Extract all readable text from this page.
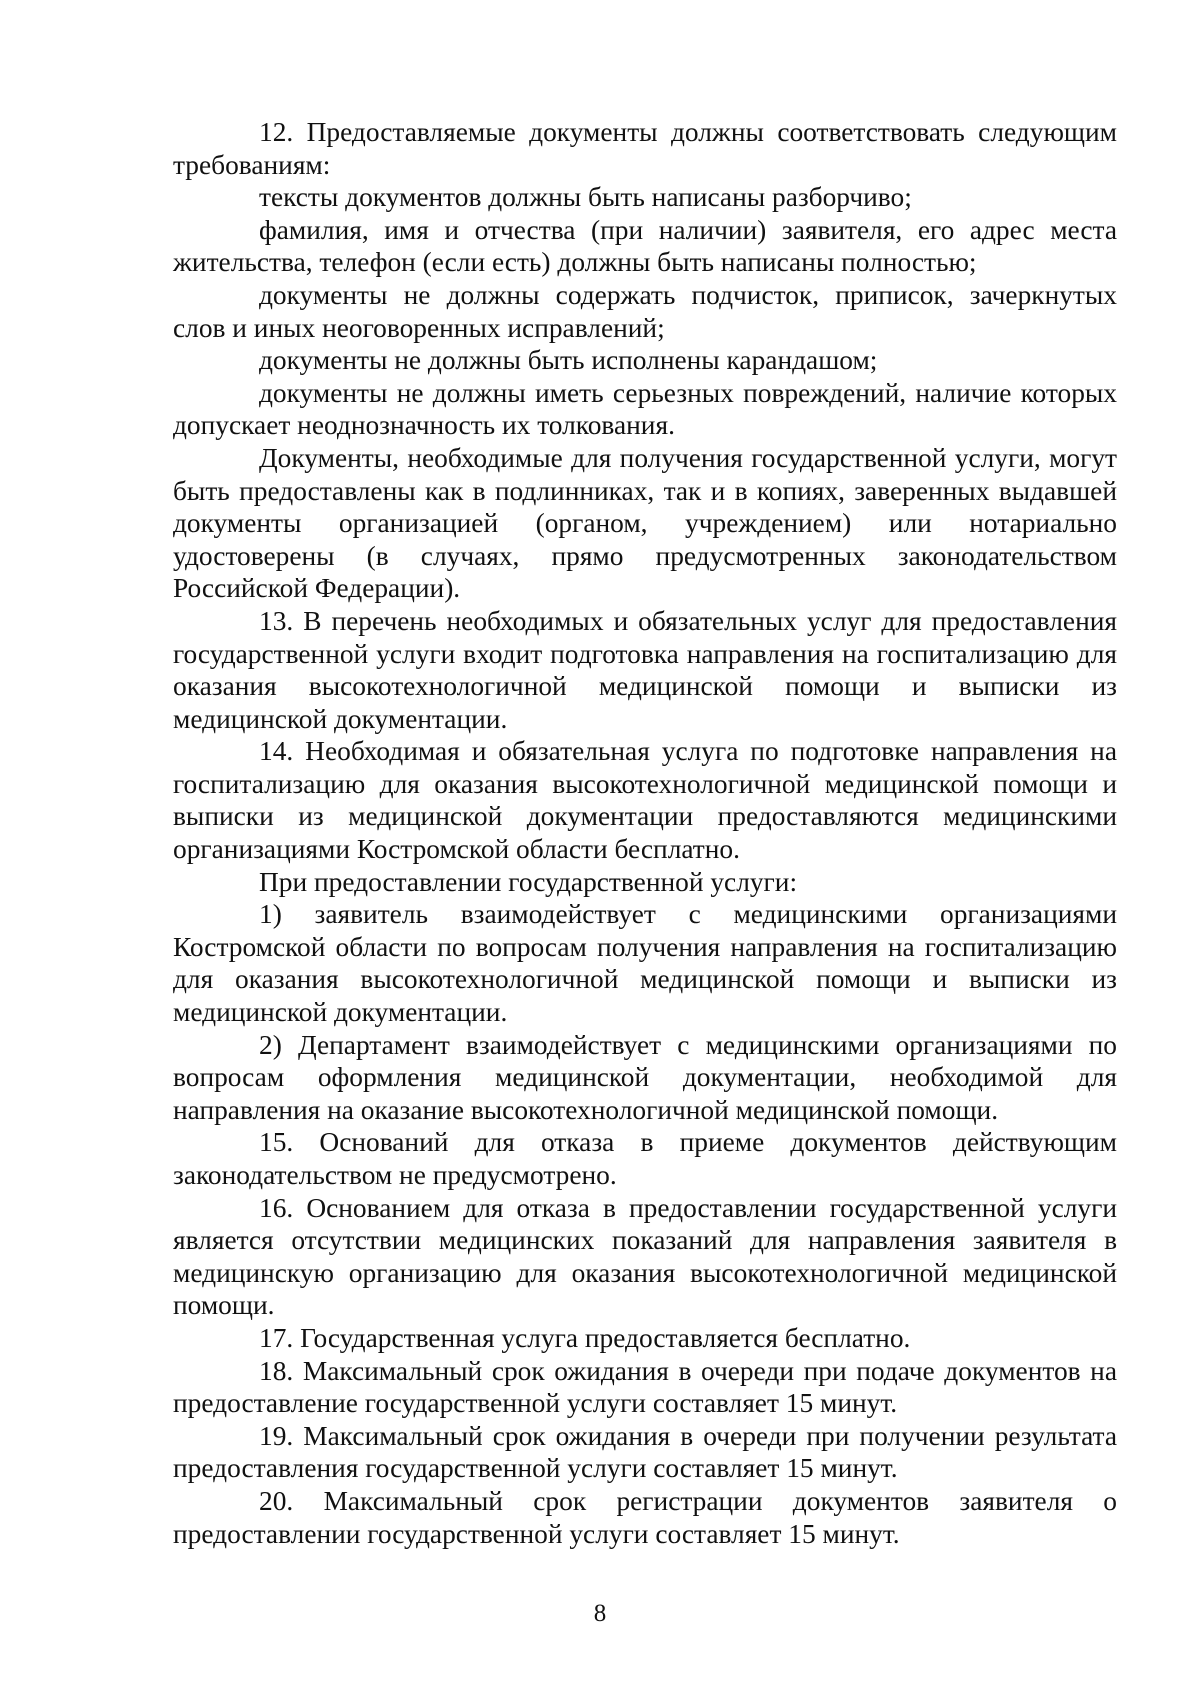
12. Предоставляемые документы должны соответствовать следующим требованиям:

тексты документов должны быть написаны разборчиво;

фамилия, имя и отчества (при наличии) заявителя, его адрес места жительства, телефон (если есть) должны быть написаны полностью;

документы не должны содержать подчисток, приписок, зачеркнутых слов и иных неоговоренных исправлений;

документы не должны быть исполнены карандашом;

документы не должны иметь серьезных повреждений, наличие которых допускает неоднозначность их толкования.

Документы, необходимые для получения государственной услуги, могут быть предоставлены как в подлинниках, так и в копиях, заверенных выдавшей документы организацией (органом, учреждением) или нотариально удостоверены (в случаях, прямо предусмотренных законодательством Российской Федерации).

13. В перечень необходимых и обязательных услуг для предоставления государственной услуги входит подготовка направления на госпитализацию для оказания высокотехнологичной медицинской помощи и выписки из медицинской документации.

14. Необходимая и обязательная услуга по подготовке направления на госпитализацию для оказания высокотехнологичной медицинской помощи и выписки из медицинской документации предоставляются медицинскими организациями Костромской области бесплатно.

При предоставлении государственной услуги:

1) заявитель взаимодействует с медицинскими организациями Костромской области по вопросам получения направления на госпитализацию для оказания высокотехнологичной медицинской помощи и выписки из медицинской документации.

2) Департамент взаимодействует с медицинскими организациями по вопросам оформления медицинской документации, необходимой для направления на оказание высокотехнологичной медицинской помощи.

15. Оснований для отказа в приеме документов действующим законодательством не предусмотрено.

16. Основанием для отказа в предоставлении государственной услуги является отсутствии медицинских показаний для направления заявителя в медицинскую организацию для оказания высокотехнологичной медицинской помощи.

17. Государственная услуга предоставляется бесплатно.

18. Максимальный срок ожидания в очереди при подаче документов на предоставление государственной услуги составляет 15 минут.

19. Максимальный срок ожидания в очереди при получении результата предоставления государственной услуги составляет 15 минут.

20. Максимальный срок регистрации документов заявителя о предоставлении государственной услуги составляет 15 минут.

8
